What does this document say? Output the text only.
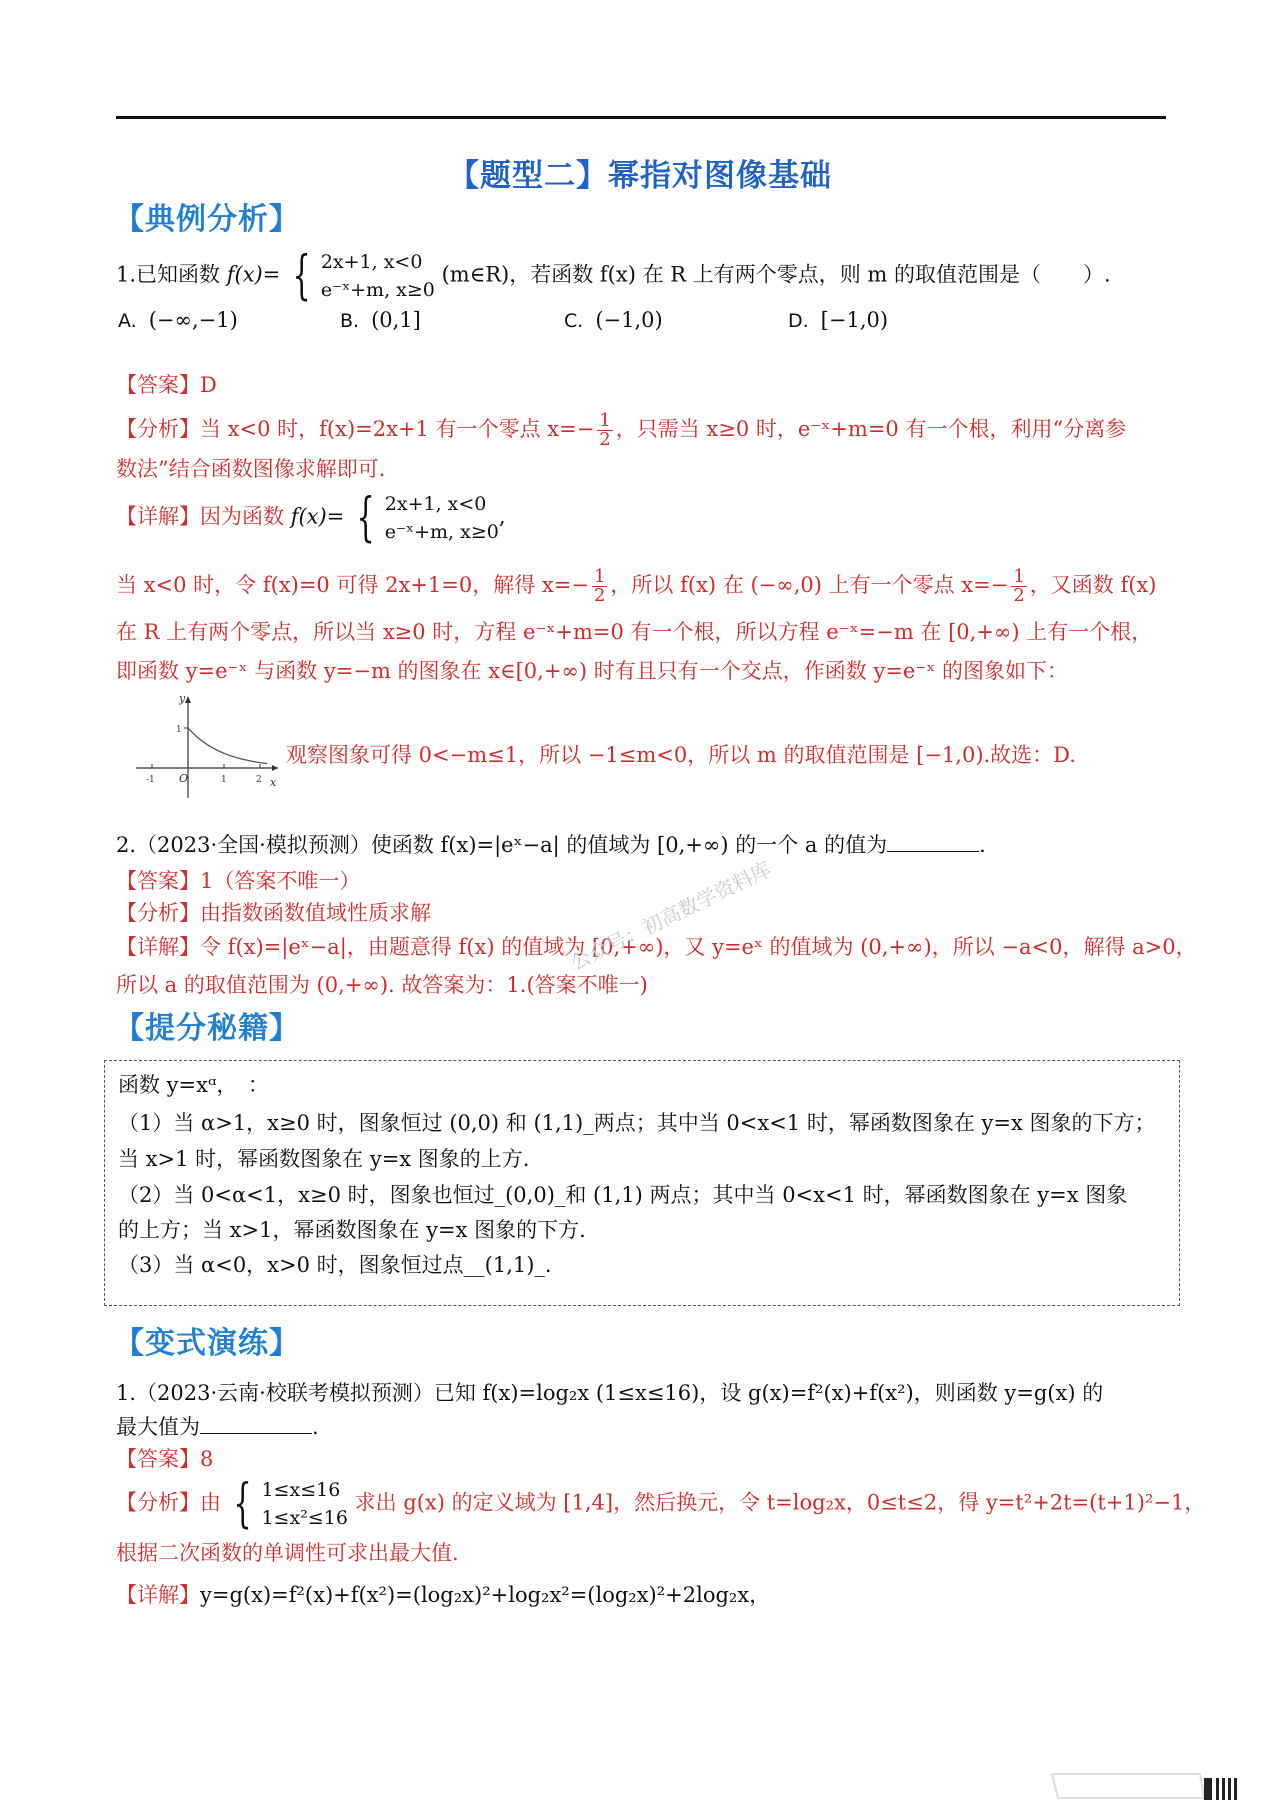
【题型二】幂指对图像基础
【典例分析】
1.已知函数 f(x)= { 2x+1, x<0
e⁻ˣ+m, x≥0
(m∈R)，若函数 f(x) 在 R 上有两个零点，则 m 的取值范围是（　　）.
A. (−∞,−1)	B. (0,1]	C. (−1,0)	D. [−1,0)
【答案】D
【分析】当 x<0 时，f(x)=2x+1 有一个零点 $x=- \frac{1}{2}$ ，只需当 x≥0 时，e⁻ˣ+m=0 有一个根，利用“分离参
数法”结合函数图像求解即可.
【详解】因为函数 f(x)= { 2x+1, x<0
e⁻ˣ+m, x≥0
,
当 x<0 时，令 f(x)=0 可得 2x+1=0，解得 $x=- \frac{1}{2}$ ，所以 f(x) 在 (−∞,0) 上有一个零点 $x=- \frac{1}{2}$ ，又函数 f(x)
在 R 上有两个零点，所以当 x≥0 时，方程 e⁻ˣ+m=0 有一个根，所以方程 e⁻ˣ=−m 在 [0,+∞) 上有一个根，
即函数 y=e⁻ˣ 与函数 y=−m 的图象在 x∈[0,+∞) 时有且只有一个交点，作函数 y=e⁻ˣ 的图象如下：
y
x
O
-1	1	2
1
观察图象可得 0<−m≤1，所以 −1≤m<0，所以 m 的取值范围是 [−1,0).故选：D.
2.（2023·全国·模拟预测）使函数 f(x)=|eˣ−a| 的值域为 [0,+∞) 的一个 a 的值为	.
【答案】1（答案不唯一）
【分析】由指数函数值域性质求解
【详解】令 f(x)=|eˣ−a|，由题意得 f(x) 的值域为 [0,+∞)，又 y=eˣ 的值域为 (0,+∞)，所以 −a<0，解得 a>0，
所以 a 的取值范围为 (0,+∞). 故答案为：1.(答案不唯一)
公众号：初高数学资料库
【提分秘籍】
函数 y=xᵅ，　：
（1）当 α>1，x≥0 时，图象恒过 (0,0) 和 (1,1)_两点；其中当 0<x<1 时，幂函数图象在 y=x 图象的下方；
当 x>1 时，幂函数图象在 y=x 图象的上方.
（2）当 0<α<1，x≥0 时，图象也恒过_(0,0)_和 (1,1) 两点；其中当 0<x<1 时，幂函数图象在 y=x 图象
的上方；当 x>1，幂函数图象在 y=x 图象的下方.
（3）当 α<0，x>0 时，图象恒过点__(1,1)_.
【变式演练】
1.（2023·云南·校联考模拟预测）已知 f(x)=log₂x (1≤x≤16)，设 g(x)=f²(x)+f(x²)，则函数 y=g(x) 的
最大值为	.
【答案】8
【分析】由 { 1≤x≤16
1≤x²≤16
求出 g(x) 的定义域为 [1,4]，然后换元，令 t=log₂x，0≤t≤2，得 y=t²+2t=(t+1)²−1，
根据二次函数的单调性可求出最大值.
【详解】y=g(x)=f²(x)+f(x²)=(log₂x)²+log₂x²=(log₂x)²+2log₂x，
